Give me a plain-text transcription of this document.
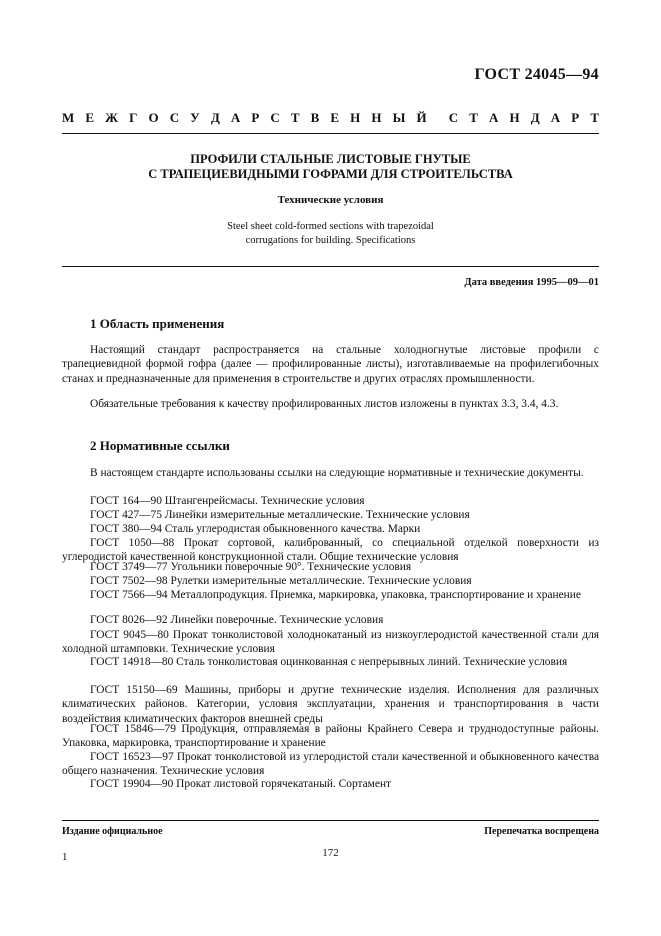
ГОСТ 24045—94
М Е Ж Г О С У Д А Р С Т В Е Н Н Ы Й С Т А Н Д А Р Т
ПРОФИЛИ СТАЛЬНЫЕ ЛИСТОВЫЕ ГНУТЫЕ
С ТРАПЕЦИЕВИДНЫМИ ГОФРАМИ ДЛЯ СТРОИТЕЛЬСТВА
Технические условия
Steel sheet cold-formed sections with trapezoidal
corrugations for building. Specifications
Дата введения 1995—09—01
1 Область применения

Настоящий стандарт распространяется на стальные холодногнутые листовые профили с трапециевидной формой гофра (далее — профилированные листы), изготавливаемые на профилегибочных станах и предназначенные для применения в строительстве и других отраслях промышленности.

Обязательные требования к качеству профилированных листов изложены в пунктах 3.3, 3.4, 4.3.

2 Нормативные ссылки

В настоящем стандарте использованы ссылки на следующие нормативные и технические документы.

ГОСТ 164—90 Штангенрейсмасы. Технические условия

ГОСТ 427—75 Линейки измерительные металлические. Технические условия

ГОСТ 380—94 Сталь углеродистая обыкновенного качества. Марки

ГОСТ 1050—88 Прокат сортовой, калиброванный, со специальной отделкой поверхности из углеродистой качественной конструкционной стали. Общие технические условия

ГОСТ 3749—77 Угольники поверочные 90°. Технические условия

ГОСТ 7502—98 Рулетки измерительные металлические. Технические условия

ГОСТ 7566—94 Металлопродукция. Приемка, маркировка, упаковка, транспортирование и хранение

ГОСТ 8026—92 Линейки поверочные. Технические условия

ГОСТ 9045—80 Прокат тонколистовой холоднокатаный из низкоуглеродистой качественной стали для холодной штамповки. Технические условия

ГОСТ 14918—80 Сталь тонколистовая оцинкованная с непрерывных линий. Технические условия

ГОСТ 15150—69 Машины, приборы и другие технические изделия. Исполнения для различных климатических районов. Категории, условия эксплуатации, хранения и транспортирования в части воздействия климатических факторов внешней среды

ГОСТ 15846—79 Продукция, отправляемая в районы Крайнего Севера и труднодоступные районы. Упаковка, маркировка, транспортирование и хранение

ГОСТ 16523—97 Прокат тонколистовой из углеродистой стали качественной и обыкновенного качества общего назначения. Технические условия

ГОСТ 19904—90 Прокат листовой горячекатаный. Сортамент

Издание официальное	Перепечатка воспрещена
1	172
